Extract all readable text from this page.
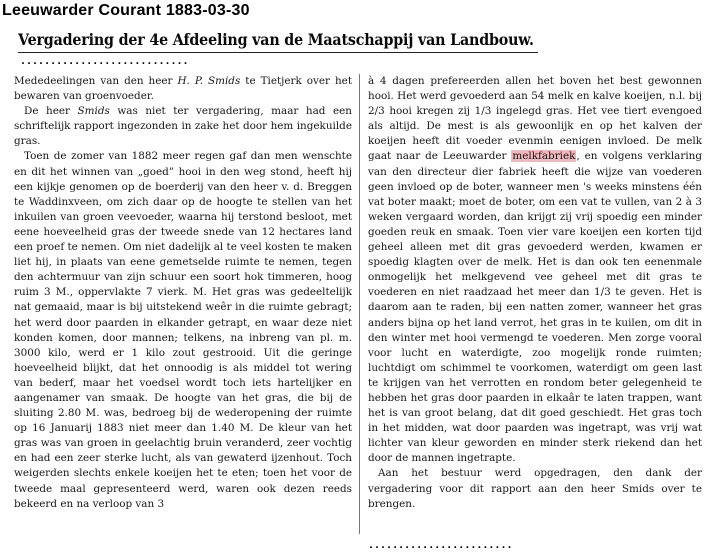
Leeuwarder Courant 1883-03-30
Vergadering der 4e Afdeeling van de Maatschappij van Landbouw.
............................

Mededeelingen van den heer H. P. Smids te Tietjerk over het bewaren van groenvoeder.

De heer Smids was niet ter vergadering, maar had een schriftelijk rapport ingezonden in zake het door hem ingekuilde gras.

Toen de zomer van 1882 meer regen gaf dan men wenschte en dit het winnen van „goed” hooi in den weg stond, heeft hij een kijkje genomen op de boerderij van den heer v. d. Breggen te Waddinxveen, om zich daar op de hoogte te stellen van het inkuilen van groen veevoeder, waarna hij terstond besloot, met eene hoeveelheid gras der tweede snede van 12 hectares land een proef te nemen. Om niet dadelijk al te veel kosten te maken liet hij, in plaats van eene gemetselde ruimte te nemen, tegen den achtermuur van zijn schuur een soort hok timmeren, hoog ruim 3 M., oppervlakte 7 vierk. M. Het gras was gedeeltelijk nat gemaaid, maar is bij uitstekend weêr in die ruimte gebragt; het werd door paarden in elkander getrapt, en waar deze niet konden komen, door mannen; telkens, na inbreng van pl. m. 3000 kilo, werd er 1 kilo zout gestrooid. Uit die geringe hoeveelheid blijkt, dat het onnoodig is als middel tot wering van bederf, maar het voedsel wordt toch iets hartelijker en aangenamer van smaak. De hoogte van het gras, die bij de sluiting 2.80 M. was, bedroeg bij de wederopening der ruimte op 16 Januarij 1883 niet meer dan 1.40 M. De kleur van het gras was van groen in geelachtig bruin veranderd, zeer vochtig en had een zeer sterke lucht, als van gewaterd ijzenhout. Toch weigerden slechts enkele koeijen het te eten; toen het voor de tweede maal gepresenteerd werd, waren ook dezen reeds bekeerd en na verloop van 3

à 4 dagen prefereerden allen het boven het best gewonnen hooi. Het werd gevoederd aan 54 melk en kalve koeijen, n.l. bij 2/3 hooi kregen zij 1/3 ingelegd gras. Het vee tiert evengoed als altijd. De mest is als gewoonlijk en op het kalven der koeijen heeft dit voeder evenmin eenigen invloed. De melk gaat naar de Leeuwarder melkfabriek, en volgens verklaring van den directeur dier fabriek heeft die wijze van voederen geen invloed op de boter, wanneer men 's weeks minstens één vat boter maakt; moet de boter, om een vat te vullen, van 2 à 3 weken vergaard worden, dan krijgt zij vrij spoedig een minder goeden reuk en smaak. Toen vier vare koeijen een korten tijd geheel alleen met dit gras gevoederd werden, kwamen er spoedig klagten over de melk. Het is dan ook ten eenenmale onmogelijk het melkgevend vee geheel met dit gras te voederen en niet raadzaad het meer dan 1/3 te geven. Het is daarom aan te raden, bij een natten zomer, wanneer het gras anders bijna op het land verrot, het gras in te kuilen, om dit in den winter met hooi vermengd te voederen. Men zorge vooral voor lucht en waterdigte, zoo mogelijk ronde ruimten; luchtdigt om schimmel te voorkomen, waterdigt om geen last te krijgen van het verrotten en rondom beter gelegenheid te hebben het gras door paarden in elkaâr te laten trappen, want het is van groot belang, dat dit goed geschiedt. Het gras toch in het midden, wat door paarden was ingetrapt, was vrij wat lichter van kleur geworden en minder sterk riekend dan het door de mannen ingetrapte.

Aan het bestuur werd opgedragen, den dank der vergadering voor dit rapport aan den heer Smids over te brengen.

........................
